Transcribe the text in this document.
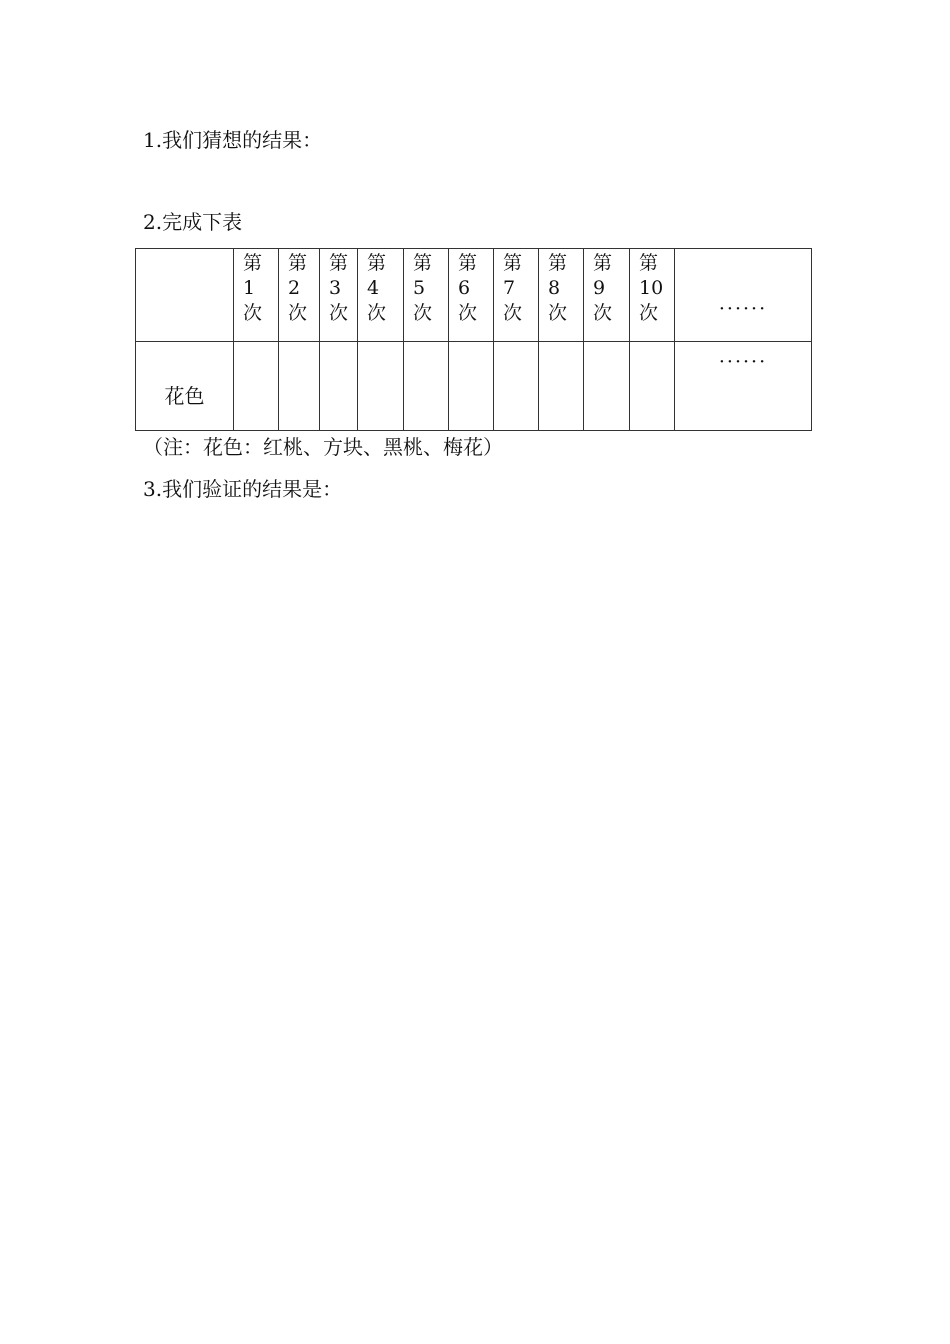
1.我们猜想的结果：
2.完成下表

	第
1
次	第
2
次	第
3
次	第
4
次	第
5
次	第
6
次	第
7
次	第
8
次	第
9
次	第
10
次	······

花色											······
（注：花色：红桃、方块、黑桃、梅花）
3.我们验证的结果是：
